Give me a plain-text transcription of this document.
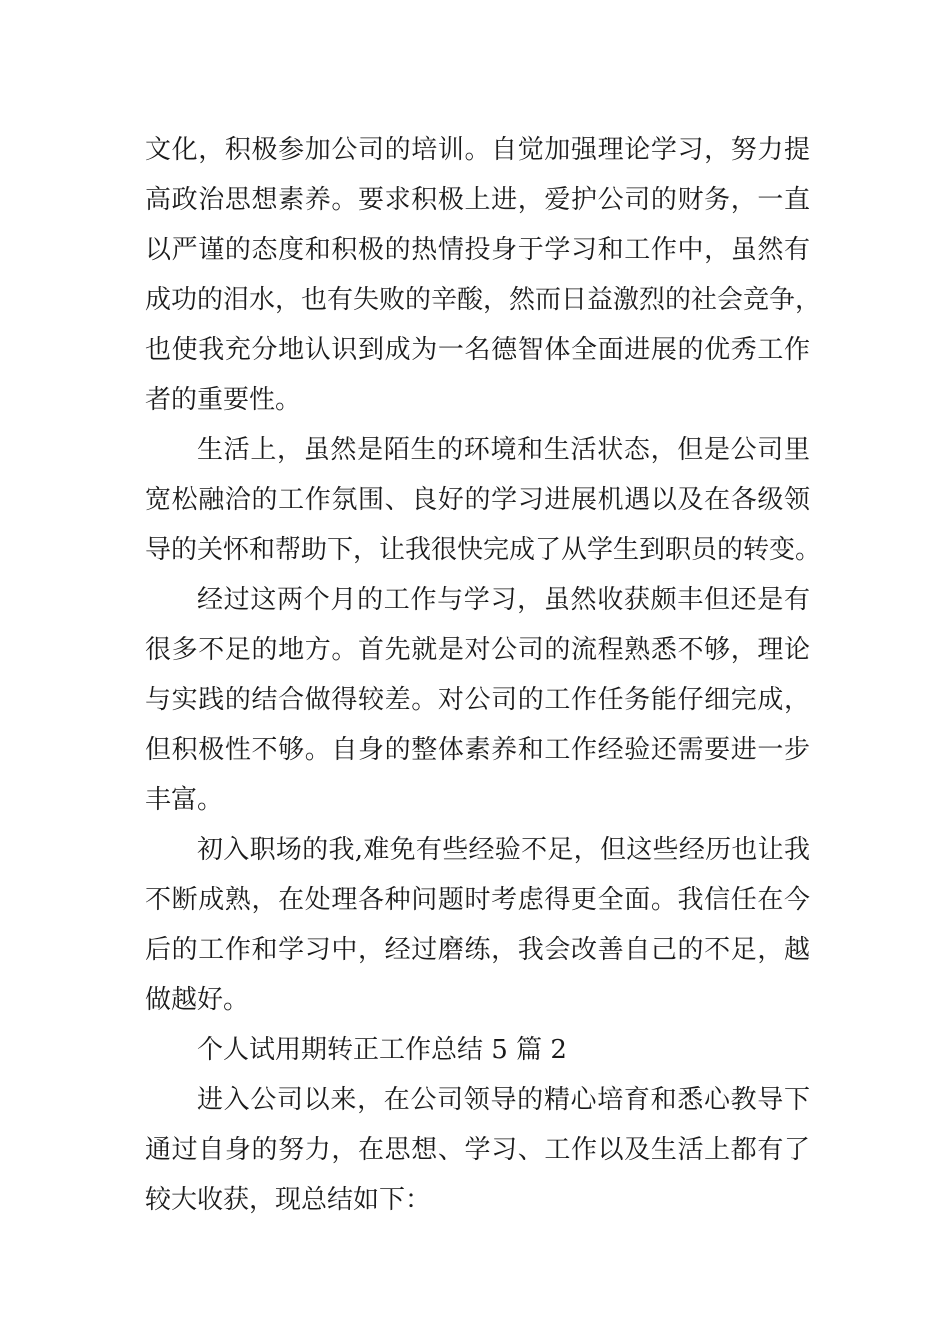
文化，积极参加公司的培训。自觉加强理论学习，努力提
高政治思想素养。要求积极上进，爱护公司的财务，一直
以严谨的态度和积极的热情投身于学习和工作中，虽然有
成功的泪水，也有失败的辛酸，然而日益激烈的社会竞争，
也使我充分地认识到成为一名德智体全面进展的优秀工作
者的重要性。
生活上，虽然是陌生的环境和生活状态，但是公司里
宽松融洽的工作氛围、良好的学习进展机遇以及在各级领
导的关怀和帮助下，让我很快完成了从学生到职员的转变。
经过这两个月的工作与学习，虽然收获颇丰但还是有
很多不足的地方。首先就是对公司的流程熟悉不够，理论
与实践的结合做得较差。对公司的工作任务能仔细完成，
但积极性不够。自身的整体素养和工作经验还需要进一步
丰富。
初入职场的我,难免有些经验不足，但这些经历也让我
不断成熟，在处理各种问题时考虑得更全面。我信任在今
后的工作和学习中，经过磨练，我会改善自己的不足，越
做越好。
个人试用期转正工作总结 5 篇 2
进入公司以来，在公司领导的精心培育和悉心教导下
通过自身的努力，在思想、学习、工作以及生活上都有了
较大收获，现总结如下：
